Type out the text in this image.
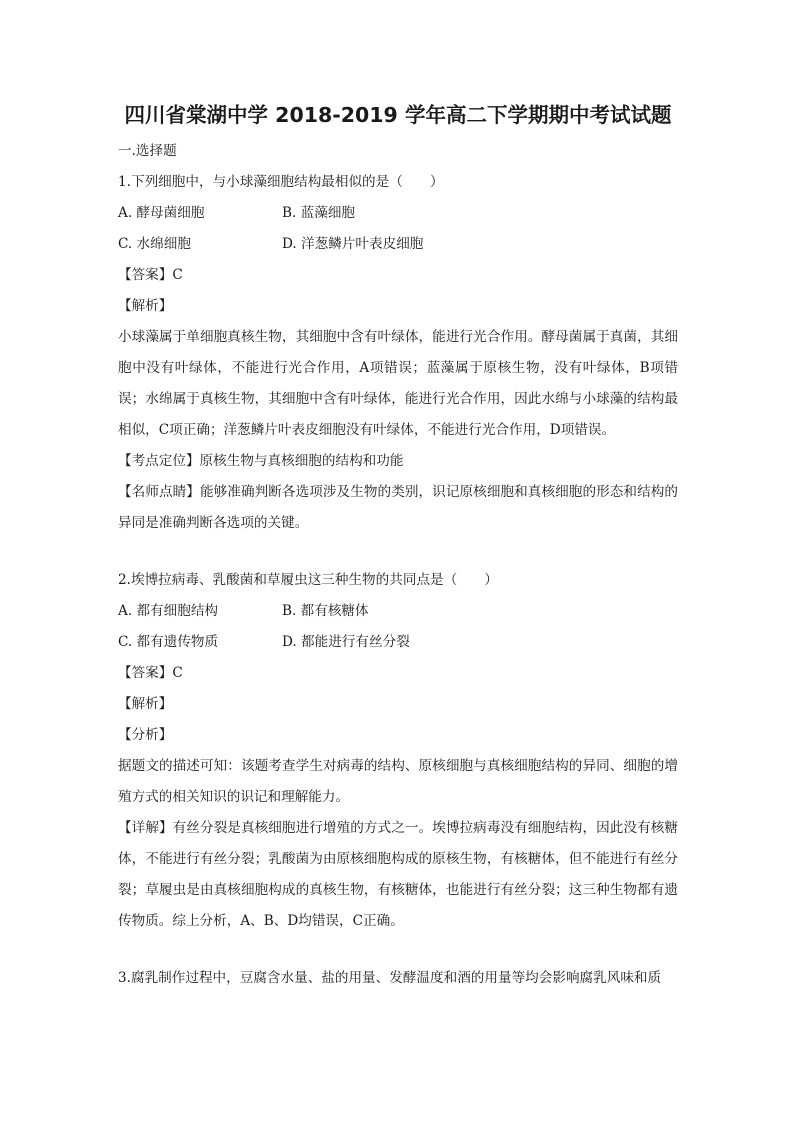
四川省棠湖中学 2018-2019 学年高二下学期期中考试试题
一.选择题
1.下列细胞中，与小球藻细胞结构最相似的是（　　）
A. 酵母菌细胞	B. 蓝藻细胞
C. 水绵细胞	D. 洋葱鳞片叶表皮细胞
【答案】C
【解析】
小球藻属于单细胞真核生物，其细胞中含有叶绿体，能进行光合作用。酵母菌属于真菌，其细胞中没有叶绿体，不能进行光合作用，A项错误；蓝藻属于原核生物，没有叶绿体，B项错误；水绵属于真核生物，其细胞中含有叶绿体，能进行光合作用，因此水绵与小球藻的结构最相似，C项正确；洋葱鳞片叶表皮细胞没有叶绿体，不能进行光合作用，D项错误。
【考点定位】原核生物与真核细胞的结构和功能
【名师点睛】能够准确判断各选项涉及生物的类别，识记原核细胞和真核细胞的形态和结构的异同是准确判断各选项的关键。
2.埃博拉病毒、乳酸菌和草履虫这三种生物的共同点是（　　）
A. 都有细胞结构	B. 都有核糖体
C. 都有遗传物质	D. 都能进行有丝分裂
【答案】C
【解析】
【分析】
据题文的描述可知：该题考查学生对病毒的结构、原核细胞与真核细胞结构的异同、细胞的增殖方式的相关知识的识记和理解能力。
【详解】有丝分裂是真核细胞进行增殖的方式之一。埃博拉病毒没有细胞结构，因此没有核糖体，不能进行有丝分裂；乳酸菌为由原核细胞构成的原核生物，有核糖体，但不能进行有丝分裂；草履虫是由真核细胞构成的真核生物，有核糖体，也能进行有丝分裂；这三种生物都有遗传物质。综上分析，A、B、D均错误，C正确。
3.腐乳制作过程中，豆腐含水量、盐的用量、发酵温度和酒的用量等均会影响腐乳风味和质
